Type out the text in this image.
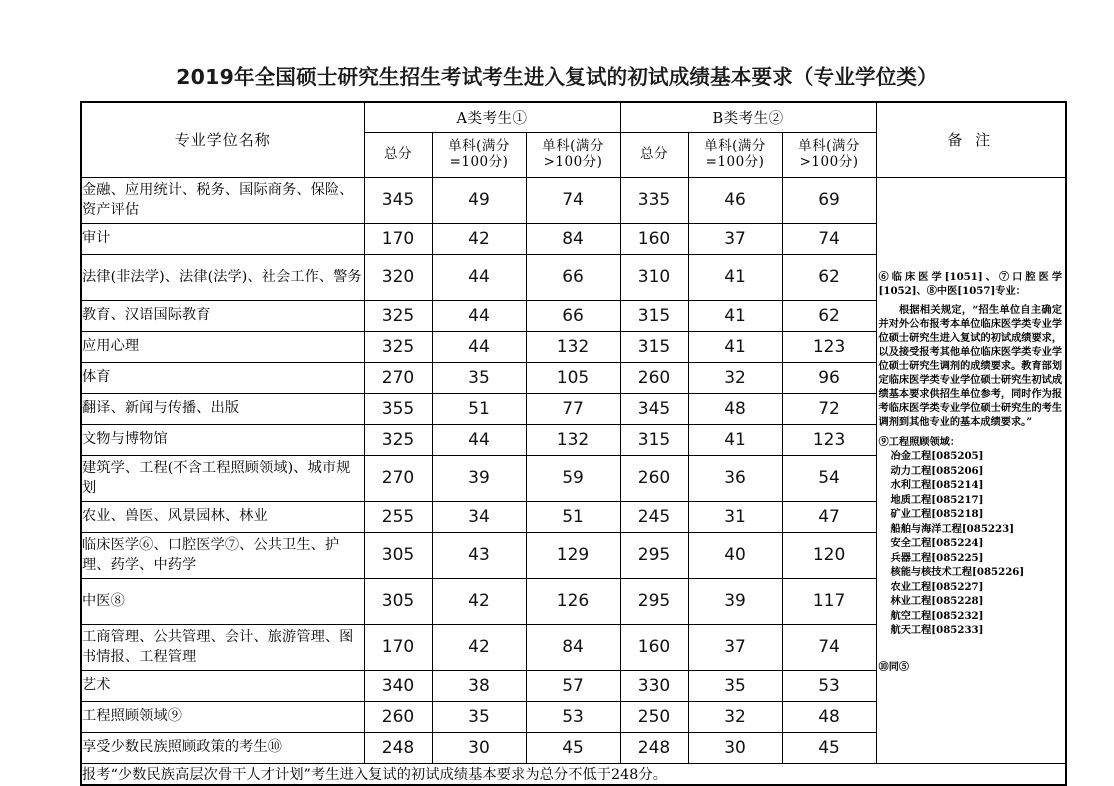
2019年全国硕士研究生招生考试考生进入复试的初试成绩基本要求（专业学位类）
专业学位名称	A类考生①			B类考生②			备 注
	总分	单科(满分=100分)	单科(满分>100分)	总分	单科(满分=100分)	单科(满分>100分)	
金融、应用统计、税务、国际商务、保险、资产评估	345	49	74	335	46	69	
⑥临床医学[1051]、⑦口腔医学[1052]、⑧中医[1057]专业：
根据相关规定，“招生单位自主确定并对外公布报考本单位临床医学类专业学位硕士研究生进入复试的初试成绩要求，以及接受报考其他单位临床医学类专业学位硕士研究生调剂的成绩要求。教育部划定临床医学类专业学位硕士研究生初试成绩基本要求供招生单位参考，同时作为报考临床医学类专业学位硕士研究生的考生调剂到其他专业的基本成绩要求。”
⑨工程照顾领域：
冶金工程[085205]
动力工程[085206]
水利工程[085214]
地质工程[085217]
矿业工程[085218]
船舶与海洋工程[085223]
安全工程[085224]
兵器工程[085225]
核能与核技术工程[085226]
农业工程[085227]
林业工程[085228]
航空工程[085232]
航天工程[085233]
⑩同⑤

审计	170	42	84	160	37	74	
法律(非法学)、法律(法学)、社会工作、警务	320	44	66	310	41	62	
教育、汉语国际教育	325	44	66	315	41	62	
应用心理	325	44	132	315	41	123	
体育	270	35	105	260	32	96	
翻译、新闻与传播、出版	355	51	77	345	48	72	
文物与博物馆	325	44	132	315	41	123	
建筑学、工程(不含工程照顾领域)、城市规划	270	39	59	260	36	54	
农业、兽医、风景园林、林业	255	34	51	245	31	47	
临床医学⑥、口腔医学⑦、公共卫生、护理、药学、中药学	305	43	129	295	40	120	
中医⑧	305	42	126	295	39	117	
工商管理、公共管理、会计、旅游管理、图书情报、工程管理	170	42	84	160	37	74	
艺术	340	38	57	330	35	53	
工程照顾领域⑨	260	35	53	250	32	48	
享受少数民族照顾政策的考生⑩	248	30	45	248	30	45	
报考“少数民族高层次骨干人才计划”考生进入复试的初试成绩基本要求为总分不低于248分。							
